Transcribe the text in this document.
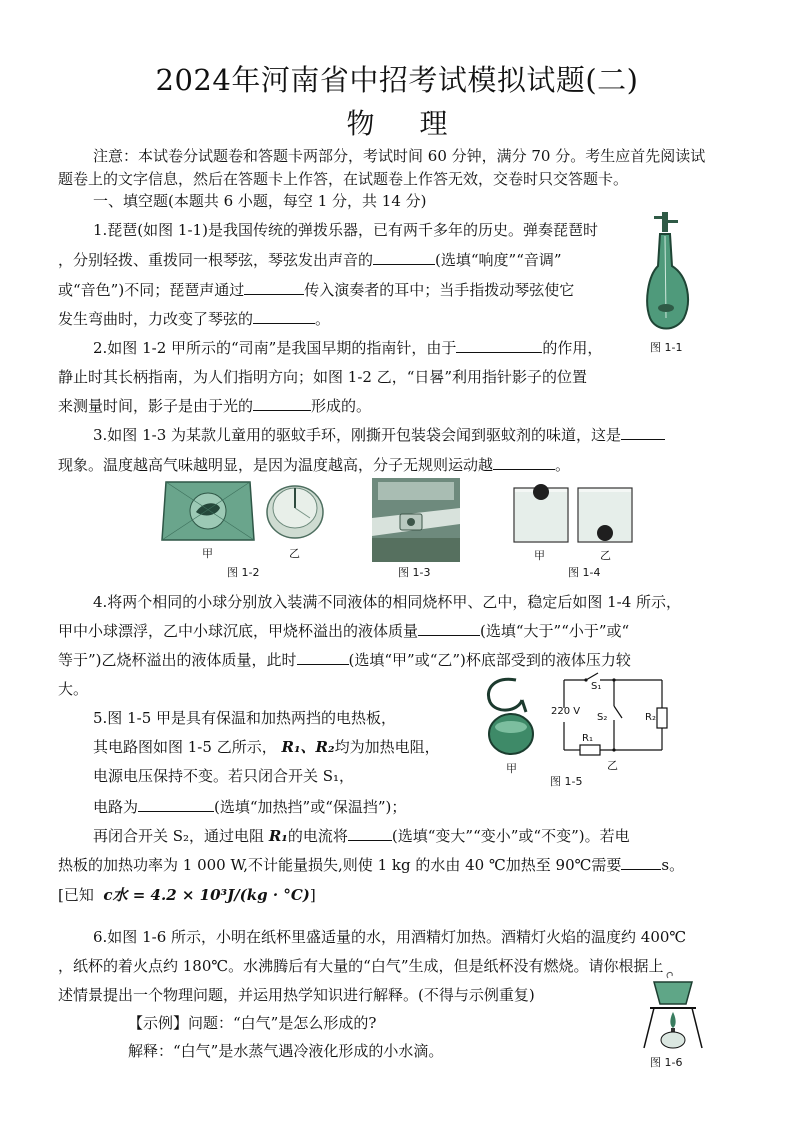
2024年河南省中招考试模拟试题(二)
物 理
注意：本试卷分试题卷和答题卡两部分，考试时间 60 分钟，满分 70 分。考生应首先阅读试
题卷上的文字信息，然后在答题卡上作答，在试题卷上作答无效，交卷时只交答题卡。
一、填空题(本题共 6 小题，每空 1 分，共 14 分)
1.琵琶(如图 1-1)是我国传统的弹拨乐器，已有两千多年的历史。弹奏琵琶时
，分别轻拨、重拨同一根琴弦，琴弦发出声音的	(选填“响度”“音调”
或“音色”)不同；琵琶声通过	传入演奏者的耳中；当手指拨动琴弦使它
发生弯曲时，力改变了琴弦的	。
图 1-1
2.如图 1-2 甲所示的“司南”是我国早期的指南针，由于	的作用，
静止时其长柄指南，为人们指明方向；如图 1-2 乙，“日晷”利用指针影子的位置
来测量时间，影子是由于光的	形成的。
3.如图 1-3 为某款儿童用的驱蚊手环，刚撕开包装袋会闻到驱蚊剂的味道，这是
现象。温度越高气味越明显，是因为温度越高，分子无规则运动越	。
甲	乙
图 1-2	图 1-3
甲	乙
图 1-4
4.将两个相同的小球分别放入装满不同液体的相同烧杯甲、乙中，稳定后如图 1-4 所示，
甲中小球漂浮，乙中小球沉底，甲烧杯溢出的液体质量	(选填“大于”“小于”或“
等于”)乙烧杯溢出的液体质量，此时	(选填“甲”或“乙”)杯底部受到的液体压力较
大。
5.图 1-5 甲是具有保温和加热两挡的电热板，
其电路图如图 1-5 乙所示， R₁、R₂均为加热电阻，
电源电压保持不变。若只闭合开关 S₁，
电路为	(选填“加热挡”或“保温挡”)；
再闭合开关 S₂，通过电阻 R₁的电流将	(选填“变大”“变小”或“不变”)。若电
热板的加热功率为 1 000 W,不计能量损失,则使 1 kg 的水由 40 ℃加热至 90℃需要	s。
[已知 c水 = 4.2 × 10³J/(kg · °C)]
甲
S₁
220 V
S₂	R₂
R₁
乙
图 1-5
6.如图 1-6 所示，小明在纸杯里盛适量的水，用酒精灯加热。酒精灯火焰的温度约 400℃
，纸杯的着火点约 180℃。水沸腾后有大量的“白气”生成，但是纸杯没有燃烧。请你根据上
述情景提出一个物理问题，并运用热学知识进行解释。(不得与示例重复)
【示例】问题：“白气”是怎么形成的?
解释：“白气”是水蒸气遇冷液化形成的小水滴。
图 1-6
